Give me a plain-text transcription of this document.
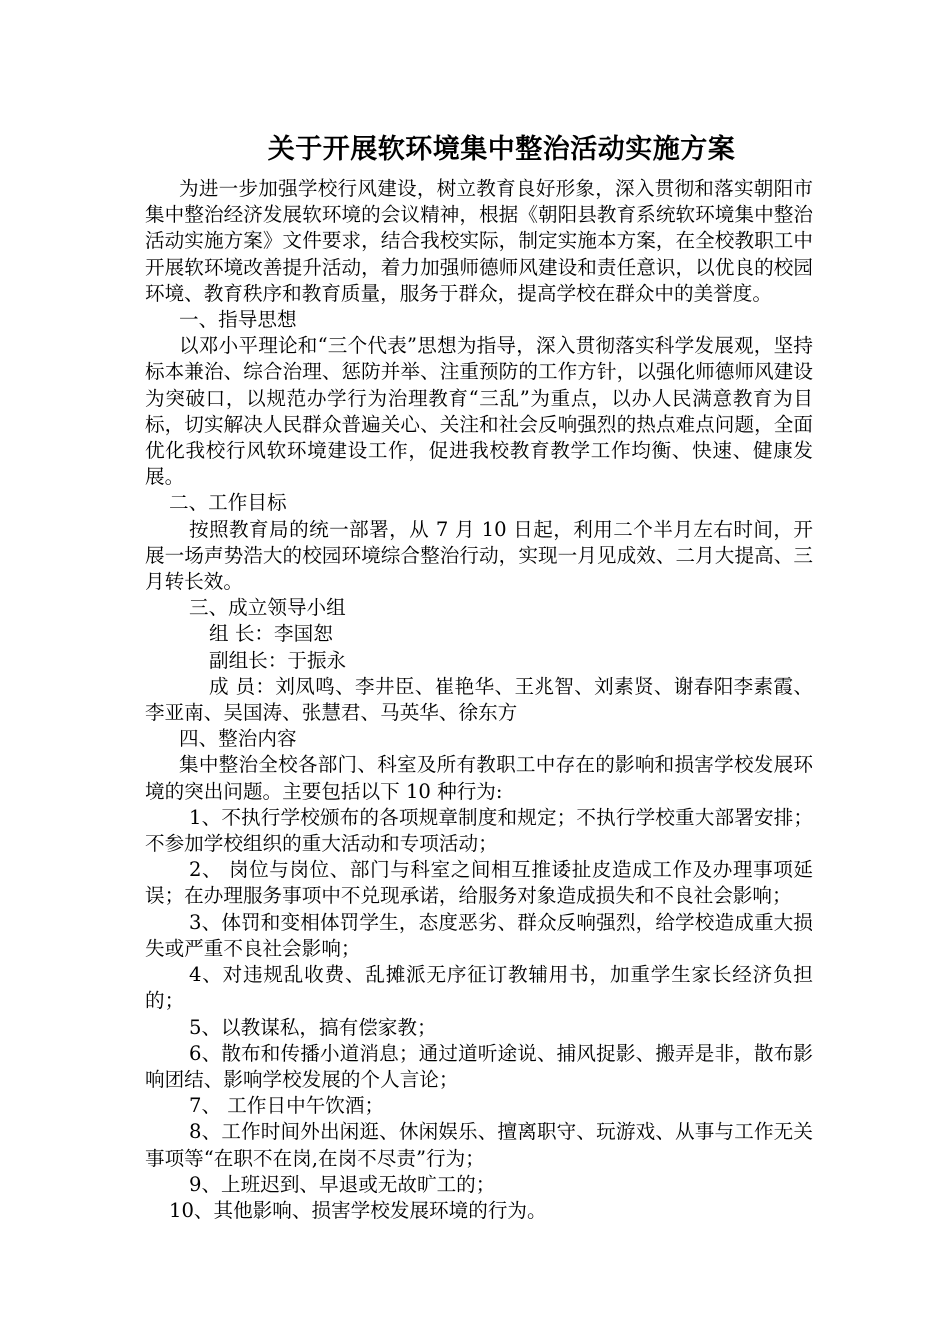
关于开展软环境集中整治活动实施方案

为进一步加强学校行风建设，树立教育良好形象，深入贯彻和落实朝阳市集中整治经济发展软环境的会议精神，根据《朝阳县教育系统软环境集中整治活动实施方案》文件要求，结合我校实际，制定实施本方案，在全校教职工中开展软环境改善提升活动，着力加强师德师风建设和责任意识，以优良的校园环境、教育秩序和教育质量，服务于群众，提高学校在群众中的美誉度。

一、指导思想

以邓小平理论和“三个代表”思想为指导，深入贯彻落实科学发展观，坚持标本兼治、综合治理、惩防并举、注重预防的工作方针，以强化师德师风建设为突破口，以规范办学行为治理教育“三乱”为重点，以办人民满意教育为目标，切实解决人民群众普遍关心、关注和社会反响强烈的热点难点问题，全面优化我校行风软环境建设工作，促进我校教育教学工作均衡、快速、健康发展。

二、工作目标

按照教育局的统一部署，从 7 月 10 日起，利用二个半月左右时间，开展一场声势浩大的校园环境综合整治行动，实现一月见成效、二月大提高、三月转长效。

三、成立领导小组

组 长：李国恕

副组长：于振永

成 员：刘凤鸣、李井臣、崔艳华、王兆智、刘素贤、谢春阳李素霞、李亚南、吴国涛、张慧君、马英华、徐东方

四、整治内容

集中整治全校各部门、科室及所有教职工中存在的影响和损害学校发展环境的突出问题。主要包括以下 10 种行为:

1、不执行学校颁布的各项规章制度和规定；不执行学校重大部署安排；不参加学校组织的重大活动和专项活动；

2、 岗位与岗位、部门与科室之间相互推诿扯皮造成工作及办理事项延误；在办理服务事项中不兑现承诺，给服务对象造成损失和不良社会影响；

3、体罚和变相体罚学生，态度恶劣、群众反响强烈，给学校造成重大损失或严重不良社会影响；

4、对违规乱收费、乱摊派无序征订教辅用书，加重学生家长经济负担的；

5、以教谋私，搞有偿家教；

6、散布和传播小道消息；通过道听途说、捕风捉影、搬弄是非，散布影响团结、影响学校发展的个人言论；

7、 工作日中午饮酒；

8、工作时间外出闲逛、休闲娱乐、擅离职守、玩游戏、从事与工作无关事项等“在职不在岗,在岗不尽责”行为；

9、上班迟到、早退或无故旷工的；

10、其他影响、损害学校发展环境的行为。
